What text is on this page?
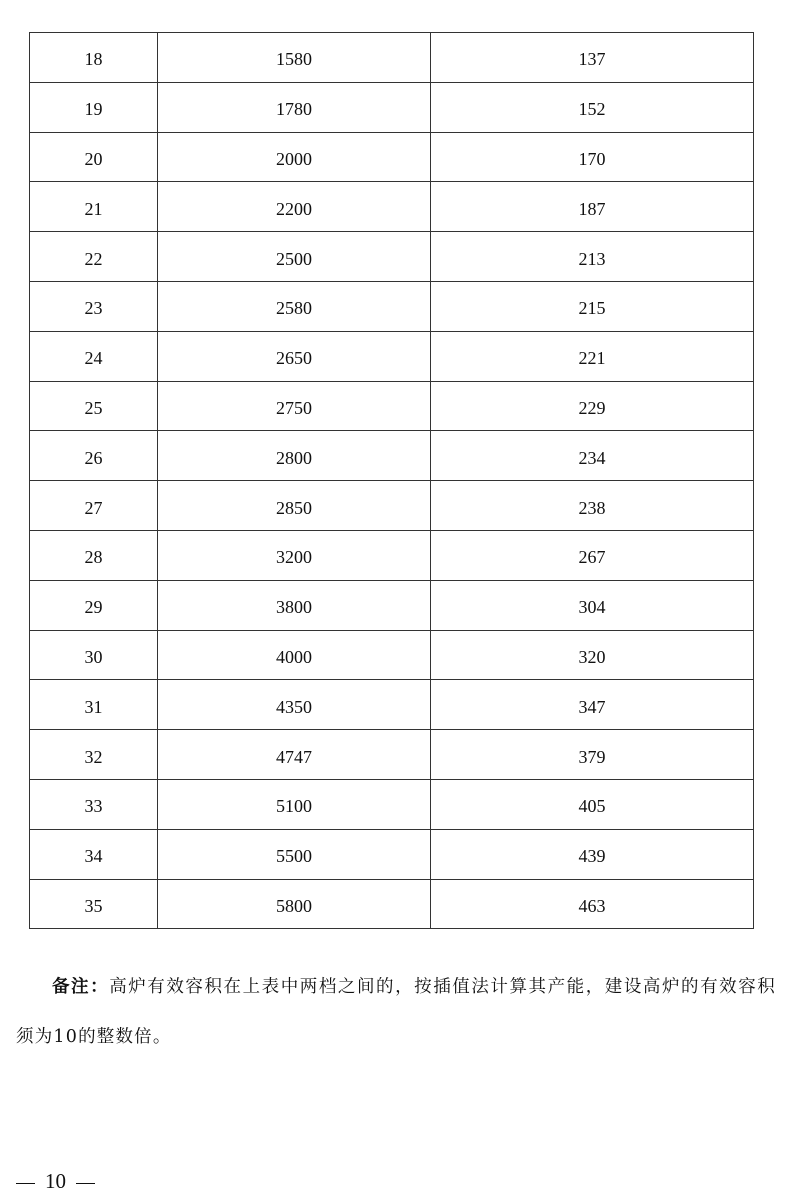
18	1580	137
19	1780	152
20	2000	170
21	2200	187
22	2500	213
23	2580	215
24	2650	221
25	2750	229
26	2800	234
27	2850	238
28	3200	267
29	3800	304
30	4000	320
31	4350	347
32	4747	379
33	5100	405
34	5500	439
35	5800	463

备注：高炉有效容积在上表中两档之间的，按插值法计算其产能，建设高炉的有效容积须为10的整数倍。

10
